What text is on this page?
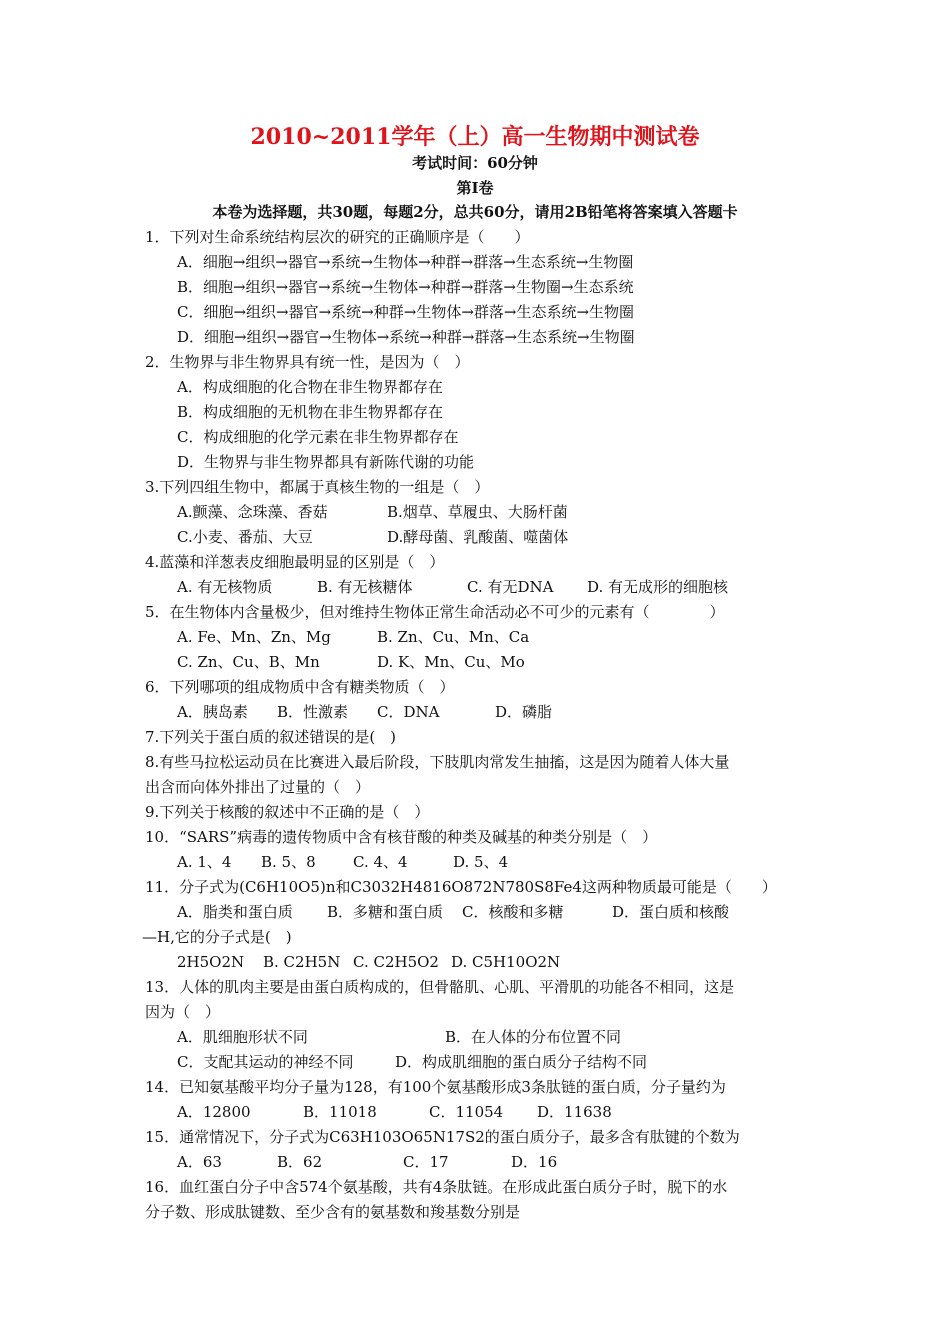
2010~2011学年（上）高一生物期中测试卷
考试时间：60分钟
第I卷
本卷为选择题，共30题，每题2分，总共60分，请用2B铅笔将答案填入答题卡
1．下列对生命系统结构层次的研究的正确顺序是（　　）
A．细胞→组织→器官→系统→生物体→种群→群落→生态系统→生物圈
B．细胞→组织→器官→系统→生物体→种群→群落→生物圈→生态系统
C．细胞→组织→器官→系统→种群→生物体→群落→生态系统→生物圈
D．细胞→组织→器官→生物体→系统→种群→群落→生态系统→生物圈
2．生物界与非生物界具有统一性，是因为（　）
A．构成细胞的化合物在非生物界都存在
B．构成细胞的无机物在非生物界都存在
C．构成细胞的化学元素在非生物界都存在
D．生物界与非生物界都具有新陈代谢的功能
3.下列四组生物中，都属于真核生物的一组是（　）
A.颤藻、念珠藻、香菇	B.烟草、草履虫、大肠杆菌
C.小麦、番茄、大豆	D.酵母菌、乳酸菌、噬菌体
4.蓝藻和洋葱表皮细胞最明显的区别是（　）
A. 有无核物质	B. 有无核糖体	C. 有无DNA D. 有无成形的细胞核
5．在生物体内含量极少，但对维持生物体正常生命活动必不可少的元素有（　　　　）
A. Fe、Mn、Zn、Mg	B. Zn、Cu、Mn、Ca
C. Zn、Cu、B、Mn	D. K、Mn、Cu、Mo
6．下列哪项的组成物质中含有糖类物质（　）
A．胰岛素 B．性激素 C．DNA	D．磷脂
7.下列关于蛋白质的叙述错误的是(　)
8.有些马拉松运动员在比赛进入最后阶段，下肢肌肉常发生抽搐，这是因为随着人体大量
出含而向体外排出了过量的（　）
9.下列关于核酸的叙述中不正确的是（　）
10．“SARS”病毒的遗传物质中含有核苷酸的种类及碱基的种类分别是（　）
A. 1、4 B. 5、8 C. 4、4	D. 5、4
11．分子式为(C6H10O5)n和C3032H4816O872N780S8Fe4这两种物质最可能是（　　）
A．脂类和蛋白质 B．多糖和蛋白质 C．核酸和多糖	D．蛋白质和核酸
—H,它的分子式是(　)
2H5O2N B. C2H5N C. C2H5O2 D. C5H10O2N
13．人体的肌肉主要是由蛋白质构成的，但骨骼肌、心肌、平滑肌的功能各不相同，这是
因为（　）
A．肌细胞形状不同	B．在人体的分布位置不同
C．支配其运动的神经不同	D．构成肌细胞的蛋白质分子结构不同
14．已知氨基酸平均分子量为128，有100个氨基酸形成3条肽链的蛋白质，分子量约为
A．12800	B．11018	C．11054 D．11638
15．通常情况下，分子式为C63H103O65N17S2的蛋白质分子，最多含有肽键的个数为
A．63	B．62	C．17	D．16
16．血红蛋白分子中含574个氨基酸，共有4条肽链。在形成此蛋白质分子时，脱下的水
分子数、形成肽键数、至少含有的氨基数和羧基数分别是
